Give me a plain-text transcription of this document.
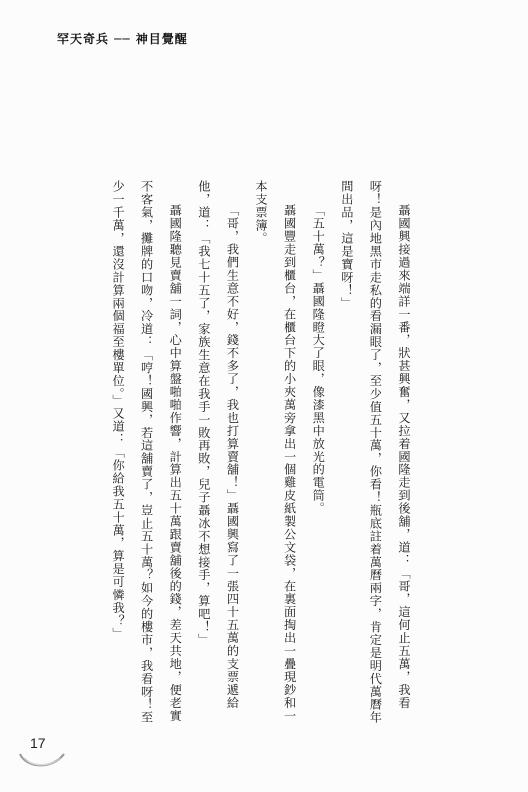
罕天奇兵 ── 神目覺醒

聶國興接過來端詳一番，狀甚興奮，又拉着國隆走到後舖，道：「哥，這何止五萬，我看呀！是內地黑市走私的看漏眼了，至少值五十萬，你看！瓶底註着萬曆兩字，肯定是明代萬曆年間出品，這是寶呀！」

「五十萬？」聶國隆瞪大了眼，像漆黑中放光的電筒。

聶國豐走到櫃台，在櫃台下的小夾萬旁拿出一個雞皮紙製公文袋，在裏面掏出一疊現鈔和一本支票簿。

「哥，我們生意不好，錢不多了，我也打算賣舖！」聶國興寫了一張四十五萬的支票遞給他，道：「我七十五了，家族生意在我手一敗再敗，兒子聶冰不想接手，算吧！」

聶國隆聽見賣舖一詞，心中算盤啪啪作響，計算出五十萬跟賣舖後的錢，差天共地，便老實不客氣，攤牌的口吻，冷道：「哼！國興，若這舖賣了，豈止五十萬？如今的樓市，我看呀！至少一千萬，還沒計算兩個福至樓單位。」又道：「你給我五十萬，算是可憐我？」

17
